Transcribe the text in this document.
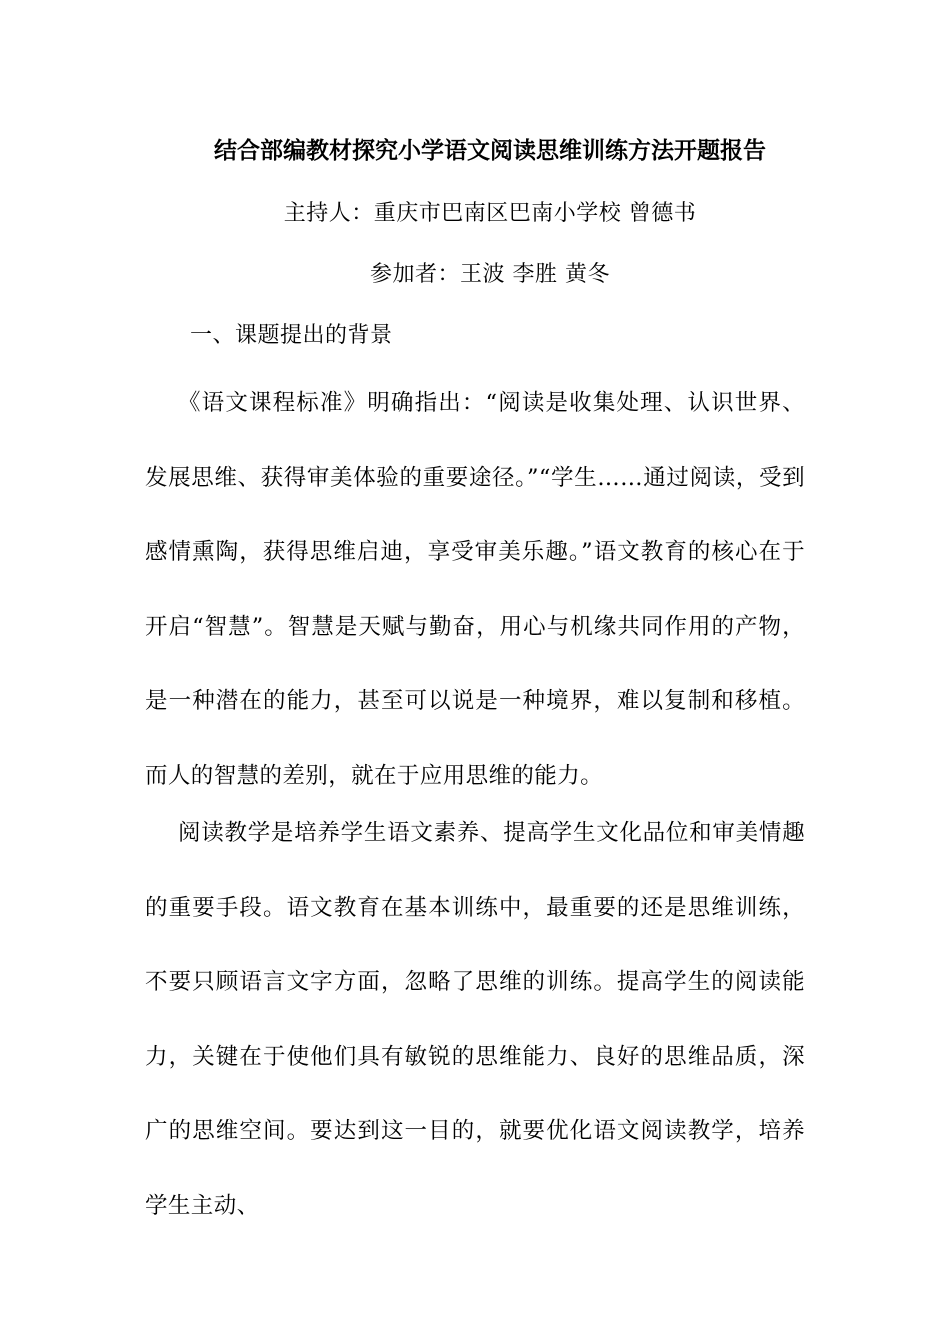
结合部编教材探究小学语文阅读思维训练方法开题报告
主持人：重庆市巴南区巴南小学校 曾德书
参加者：王波 李胜 黄冬
一、课题提出的背景
《语文课程标准》明确指出：“阅读是收集处理、认识世界、发展思维、获得审美体验的重要途径。”“学生……通过阅读，受到感情熏陶，获得思维启迪，享受审美乐趣。”语文教育的核心在于开启“智慧”。智慧是天赋与勤奋，用心与机缘共同作用的产物，是一种潜在的能力，甚至可以说是一种境界，难以复制和移植。而人的智慧的差别，就在于应用思维的能力。
阅读教学是培养学生语文素养、提高学生文化品位和审美情趣的重要手段。语文教育在基本训练中，最重要的还是思维训练，不要只顾语言文字方面，忽略了思维的训练。提高学生的阅读能力，关键在于使他们具有敏锐的思维能力、良好的思维品质，深广的思维空间。要达到这一目的，就要优化语文阅读教学，培养学生主动、
